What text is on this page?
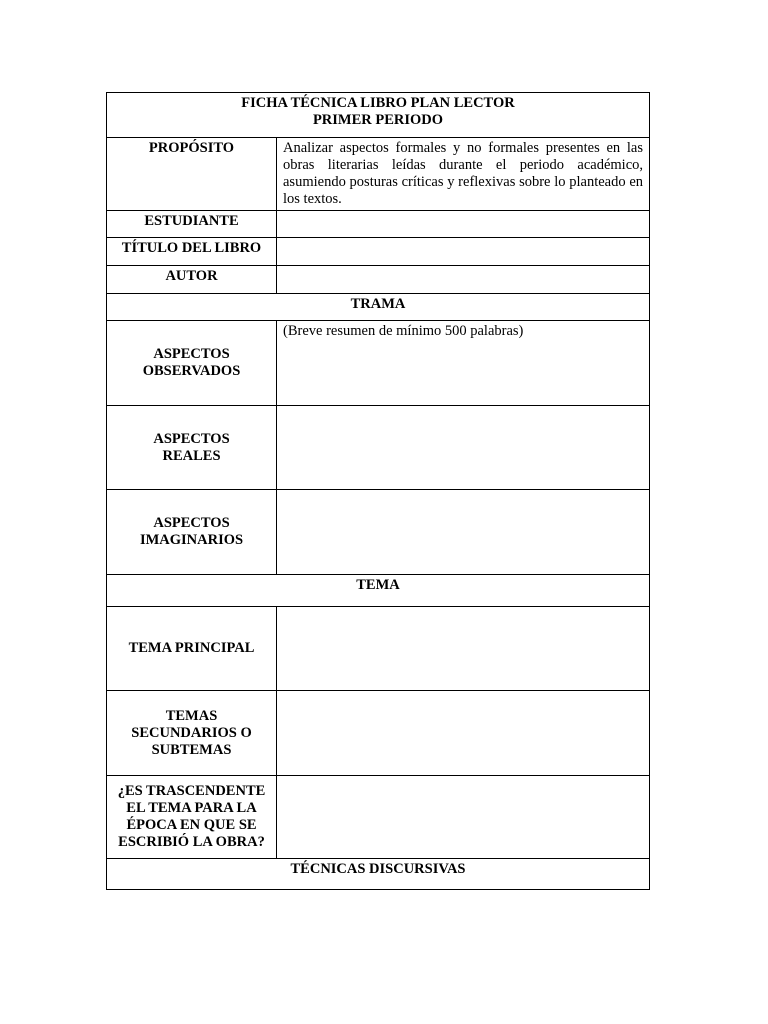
FICHA TÉCNICA LIBRO PLAN LECTOR
PRIMER PERIODO	

PROPÓSITO	Analizar aspectos formales y no formales presentes en las obras literarias leídas durante el periodo académico, asumiendo posturas críticas y reflexivas sobre lo planteado en los textos.
ESTUDIANTE	
TÍTULO DEL LIBRO	
AUTOR	
TRAMA	

ASPECTOS
OBSERVADOS	(Breve resumen de mínimo 500 palabras)

ASPECTOS
REALES	

ASPECTOS
IMAGINARIOS	

TEMA	
TEMA PRINCIPAL	

TEMAS
SECUNDARIOS O
SUBTEMAS	

¿ES TRASCENDENTE
EL TEMA PARA LA
ÉPOCA EN QUE SE
ESCRIBIÓ LA OBRA?	

TÉCNICAS DISCURSIVAS	
